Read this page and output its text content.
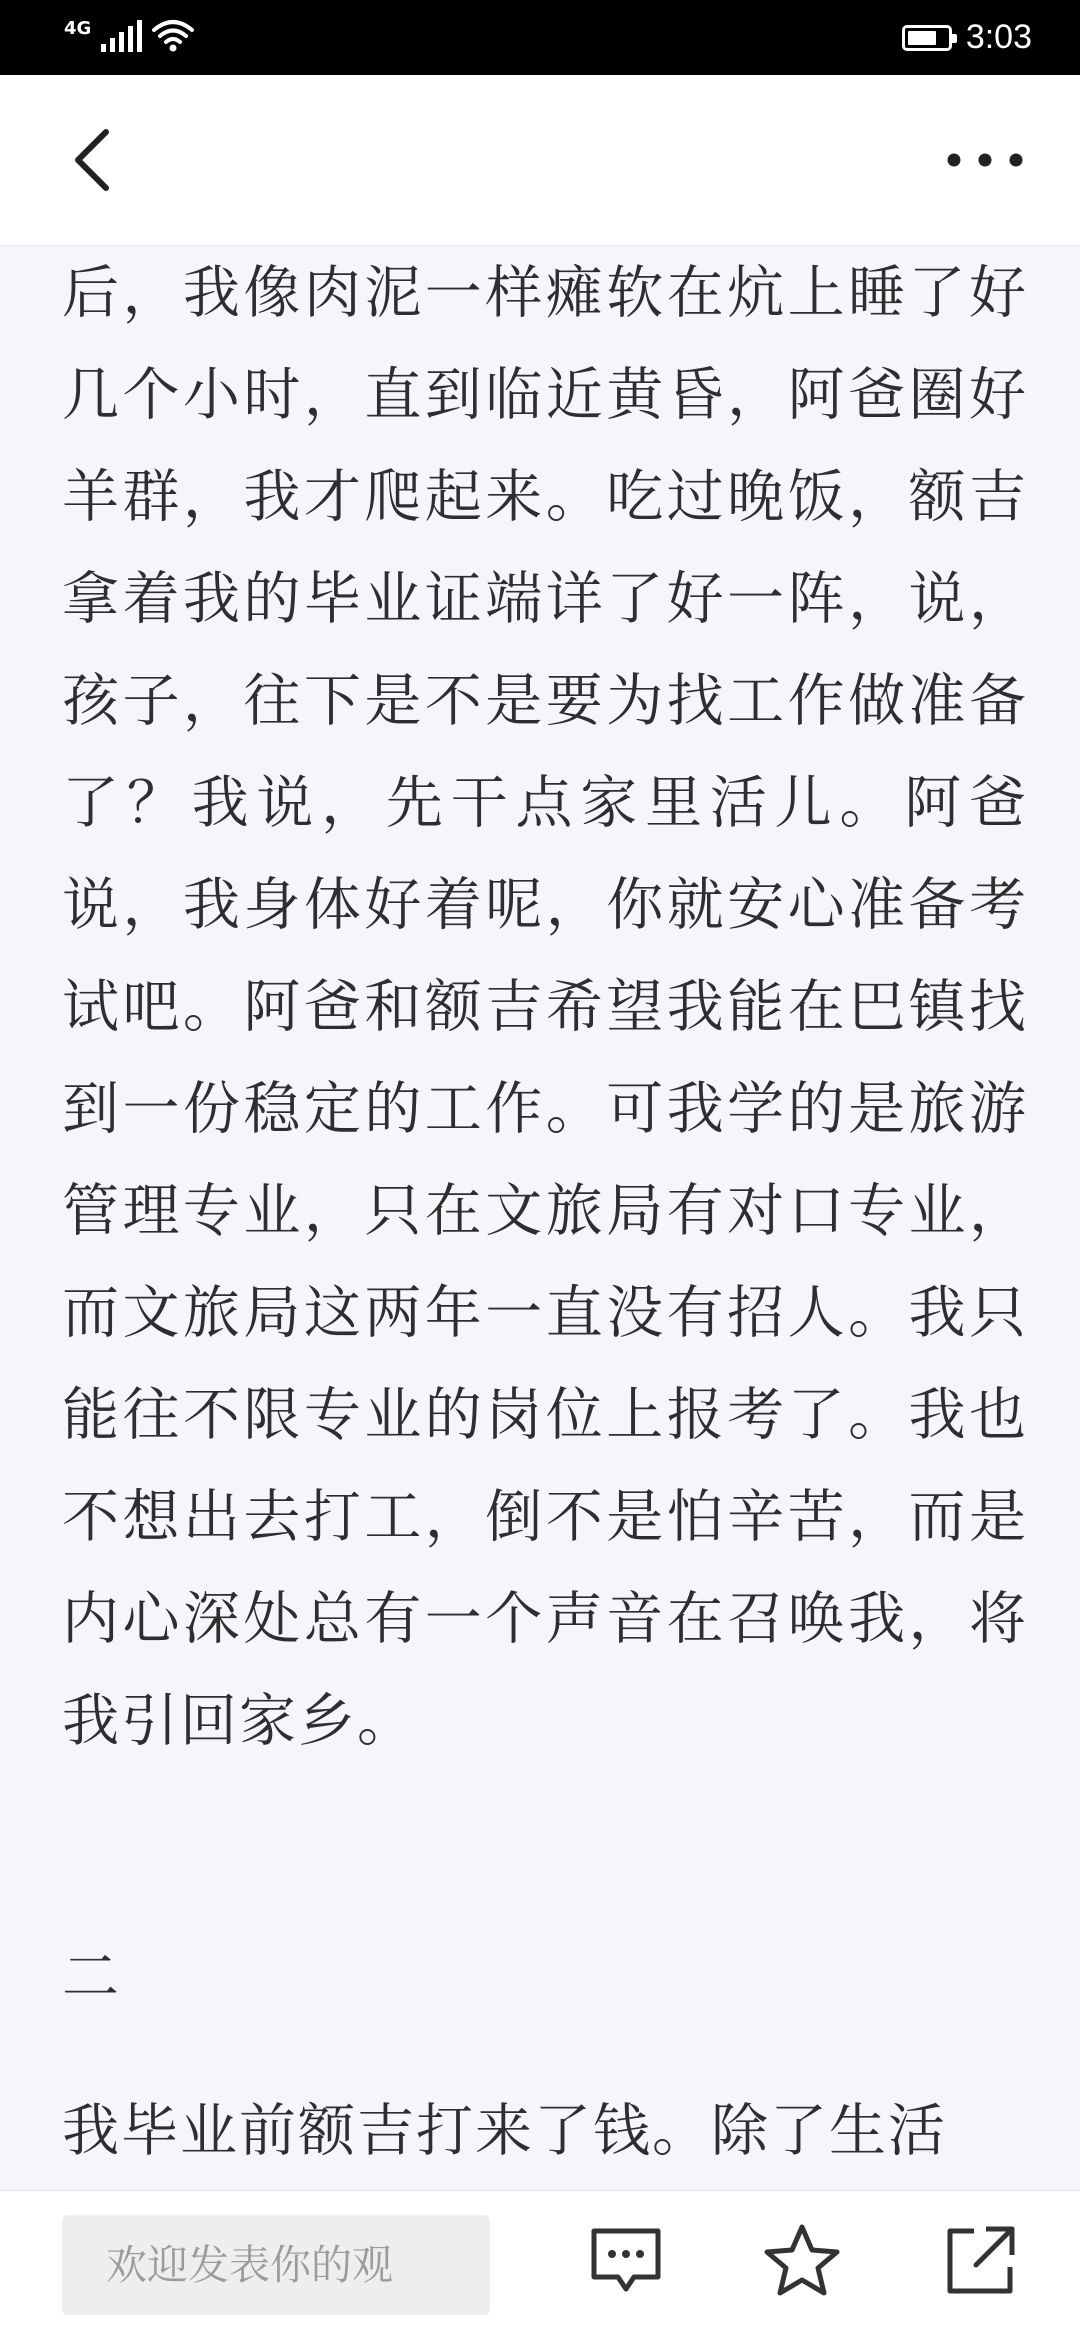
4G	3:03

后，我像肉泥一样瘫软在炕上睡了好几个小时，直到临近黄昏，阿爸圈好羊群，我才爬起来。吃过晚饭，额吉拿着我的毕业证端详了好一阵，说，孩子，往下是不是要为找工作做准备了？我说，先干点家里活儿。阿爸说，我身体好着呢，你就安心准备考试吧。阿爸和额吉希望我能在巴镇找到一份稳定的工作。可我学的是旅游管理专业，只在文旅局有对口专业，而文旅局这两年一直没有招人。我只能往不限专业的岗位上报考了。我也不想出去打工，倒不是怕辛苦，而是内心深处总有一个声音在召唤我，将我引回家乡。

二

我毕业前额吉打来了钱。除了生活

欢迎发表你的观
